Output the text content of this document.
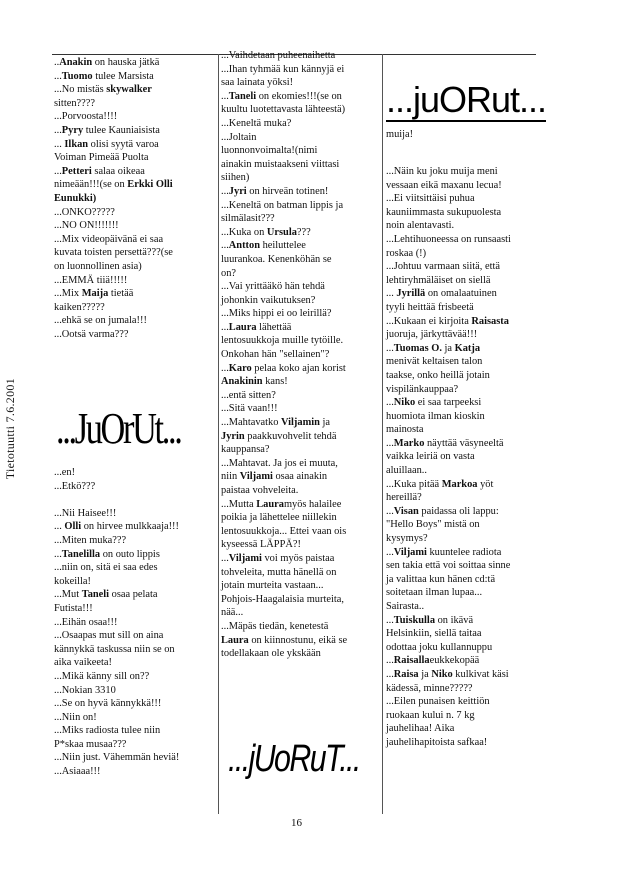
Tietotuutti 7.6.2001

..Anakin on hauska jätkä

...Tuomo tulee Marsista

...No mistäs skywalker

sitten????

...Porvoosta!!!!

...Pyry tulee Kauniaisista

... Ilkan olisi syytä varoa

Voiman Pimeää Puolta

...Petteri salaa oikeaa

nimeään!!!(se on Erkki Olli

Eunukki)

...ONKO?????

...NO ON!!!!!!!

...Mix videopäivänä ei saa

kuvata toisten persettä???(se

on luonnollinen asia)

...EMMÄ tiiä!!!!!

...Mix Maija tietää

kaiken?????

...ehkä se on jumala!!!

...Ootsä varma???

...JuOrUt...

...en!

...Etkö???

...Nii Haisee!!!

... Olli on hirvee mulkkaaja!!!

...Miten muka???

...Tanelilla on outo lippis

...niin on, sitä ei saa edes

kokeilla!

...Mut Taneli osaa pelata

Futista!!!

...Eihän osaa!!!

...Osaapas mut sill on aina

kännykkä taskussa niin se on

aika vaikeeta!

...Mikä känny sill on??

...Nokian 3310

...Se on hyvä kännykkä!!!

...Niin on!

...Miks radiosta tulee niin

P*skaa musaa???

...Niin just. Vähemmän heviä!

...Asiaaa!!!

...Vaihdetaan puheenaihetta

...Ihan tyhmää kun kännyjä ei

saa lainata yöksi!

...Taneli on ekomies!!!(se on

kuultu luotettavasta lähteestä)

...Keneltä muka?

...Joltain

luonnonvoimalta!(nimi

ainakin muistaakseni viittasi

siihen)

...Jyri on hirveän totinen!

...Keneltä on batman lippis ja

silmälasit???

...Kuka on Ursula???

...Antton heiluttelee

luurankoa. Kenenköhän se

on?

...Vai yrittääkö hän tehdä

johonkin vaikutuksen?

...Miks hippi ei oo leirillä?

...Laura lähettää

lentosuukkoja muille tytöille.

Onkohan hän "sellainen"?

...Karo pelaa koko ajan korist

Anakinin kans!

...entä sitten?

...Sitä vaan!!!

...Mahtavatko Viljamin ja

Jyrin paakkuvohvelit tehdä

kauppansa?

...Mahtavat. Ja jos ei muuta,

niin Viljami osaa ainakin

paistaa vohveleita.

...Mutta Lauramyös halailee

poikia ja lähettelee niillekin

lentosuukkoja... Ettei vaan ois

kyseessä LÄPPÄ?!

...Viljami voi myös paistaa

tohveleita, mutta hänellä on

jotain murteita vastaan...

Pohjois-Haagalaisia murteita,

nää...

...Mäpäs tiedän, kenetestä

Laura on kiinnostunu, eikä se

todellakaan ole ykskään

...jUoRuT...
...juORut...

muija!

...Näin ku joku muija meni

vessaan eikä maxanu lecua!

...Ei viitsittäisi puhua

kauniimmasta sukupuolesta

noin alentavasti.

...Lehtihuoneessa on runsaasti

roskaa (!)

...Johtuu varmaan siitä, että

lehtiryhmäläiset on siellä

... Jyrillä on omalaatuinen

tyyli heittää frisbeetä

...Kukaan ei kirjoita Raisasta

juoruja, järkyttävää!!!

...Tuomas O. ja Katja

menivät keltaisen talon

taakse, onko heillä jotain

vispilänkauppaa?

...Niko ei saa tarpeeksi

huomiota ilman kioskin

mainosta

...Marko näyttää väsyneeltä

vaikka leiriä on vasta

aluillaan..

...Kuka pitää Markoa yöt

hereillä?

...Visan paidassa oli lappu:

"Hello Boys" mistä on

kysymys?

...Viljami kuuntelee radiota

sen takia että voi soittaa sinne

ja valittaa kun hänen cd:tä

soitetaan ilman lupaa...

Sairasta..

...Tuiskulla on ikävä

Helsinkiin, siellä taitaa

odottaa joku kullannuppu

...Raisallaeukkekopää

...Raisa ja Niko kulkivat käsi

kädessä, minne?????

...Eilen punaisen keittiön

ruokaan kului n. 7 kg

jauhelihaa! Aika

jauhelihapitoista safkaa!

16
